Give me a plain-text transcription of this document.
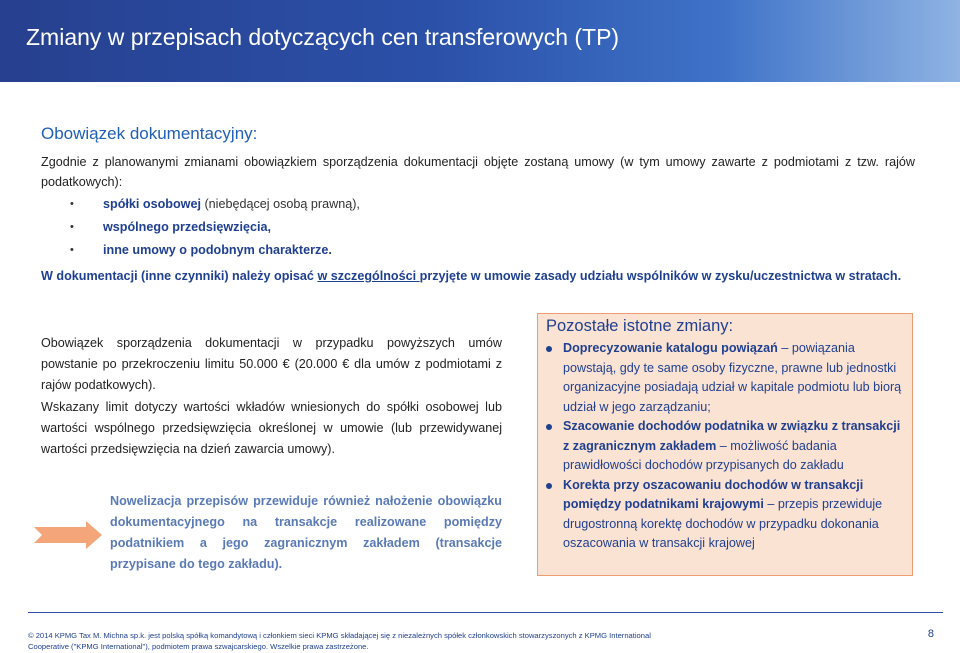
Zmiany w przepisach dotyczących cen transferowych (TP)
Obowiązek dokumentacyjny:
Zgodnie z planowanymi zmianami obowiązkiem sporządzenia dokumentacji objęte zostaną umowy (w tym umowy zawarte z podmiotami z tzw. rajów podatkowych):
• spółki osobowej (niebędącej osobą prawną),
• wspólnego przedsięwzięcia,
• inne umowy o podobnym charakterze.
W dokumentacji (inne czynniki) należy opisać w szczególności przyjęte w umowie zasady udziału wspólników w zysku/uczestnictwa w stratach.
Obowiązek sporządzenia dokumentacji w przypadku powyższych umów powstanie po przekroczeniu limitu 50.000 € (20.000 € dla umów z podmiotami z rajów podatkowych).
Wskazany limit dotyczy wartości wkładów wniesionych do spółki osobowej lub wartości wspólnego przedsięwzięcia określonej w umowie (lub przewidywanej wartości przedsięwzięcia na dzień zawarcia umowy).
Nowelizacja przepisów przewiduje również nałożenie obowiązku dokumentacyjnego na transakcje realizowane pomiędzy podatnikiem a jego zagranicznym zakładem (transakcje przypisane do tego zakładu).
Pozostałe istotne zmiany:
Doprecyzowanie katalogu powiązań – powiązania powstają, gdy te same osoby fizyczne, prawne lub jednostki organizacyjne posiadają udział w kapitale podmiotu lub biorą udział w jego zarządzaniu;
Szacowanie dochodów podatnika w związku z transakcji z zagranicznym zakładem – możliwość badania prawidłowości dochodów przypisanych do zakładu
Korekta przy oszacowaniu dochodów w transakcji pomiędzy podatnikami krajowymi – przepis przewiduje drugostronną korektę dochodów w przypadku dokonania oszacowania w transakcji krajowej
© 2014 KPMG Tax M. Michna sp.k. jest polską spółką komandytową i członkiem sieci KPMG składającej się z niezależnych spółek członkowskich stowarzyszonych z KPMG International
Cooperative ("KPMG International"), podmiotem prawa szwajcarskiego. Wszelkie prawa zastrzeżone.
8
